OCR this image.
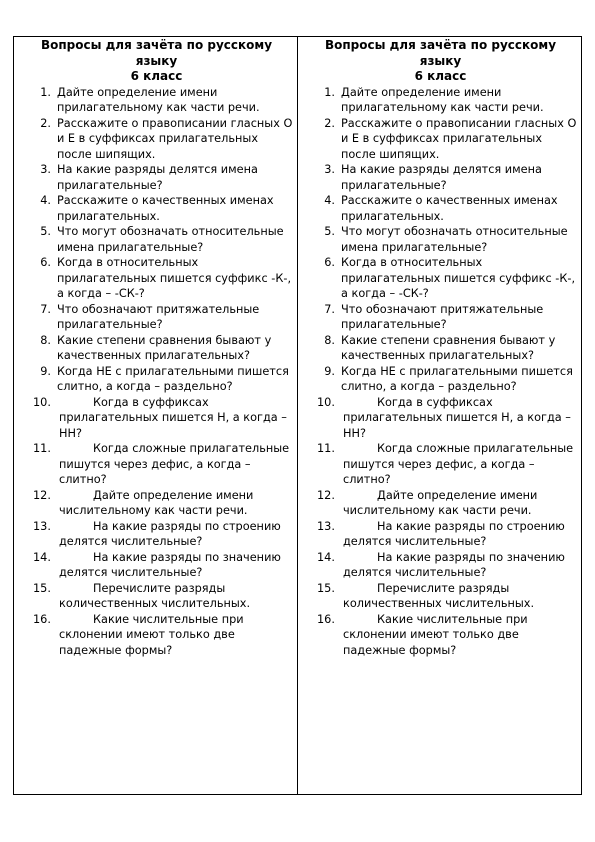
Вопросы для зачёта по русскому
языку
6 класс
1. Дайте определение имени прилагательному как части речи.
2. Расскажите о правописании гласных О и Е в суффиксах прилагательных после шипящих.
3. На какие разряды делятся имена прилагательные?
4. Расскажите о качественных именах прилагательных.
5. Что могут обозначать относительные имена прилагательные?
6. Когда в относительных прилагательных пишется суффикс -К-, а когда – -СК-?
7. Что обозначают притяжательные прилагательные?
8. Какие степени сравнения бывают у качественных прилагательных?
9. Когда НЕ с прилагательными пишется слитно, а когда – раздельно?
10.	Когда в суффиксах прилагательных пишется Н, а когда – НН?
11.	Когда сложные прилагательные пишутся через дефис, а когда – слитно?
12.	Дайте определение имени числительному как части речи.
13.	На какие разряды по строению делятся числительные?
14.	На какие разряды по значению делятся числительные?
15.	Перечислите разряды количественных числительных.
16.	Какие числительные при склонении имеют только две падежные формы?
Вопросы для зачёта по русскому
языку
6 класс
1. Дайте определение имени прилагательному как части речи.
2. Расскажите о правописании гласных О и Е в суффиксах прилагательных после шипящих.
3. На какие разряды делятся имена прилагательные?
4. Расскажите о качественных именах прилагательных.
5. Что могут обозначать относительные имена прилагательные?
6. Когда в относительных прилагательных пишется суффикс -К-, а когда – -СК-?
7. Что обозначают притяжательные прилагательные?
8. Какие степени сравнения бывают у качественных прилагательных?
9. Когда НЕ с прилагательными пишется слитно, а когда – раздельно?
10.	Когда в суффиксах прилагательных пишется Н, а когда – НН?
11.	Когда сложные прилагательные пишутся через дефис, а когда – слитно?
12.	Дайте определение имени числительному как части речи.
13.	На какие разряды по строению делятся числительные?
14.	На какие разряды по значению делятся числительные?
15.	Перечислите разряды количественных числительных.
16.	Какие числительные при склонении имеют только две падежные формы?
